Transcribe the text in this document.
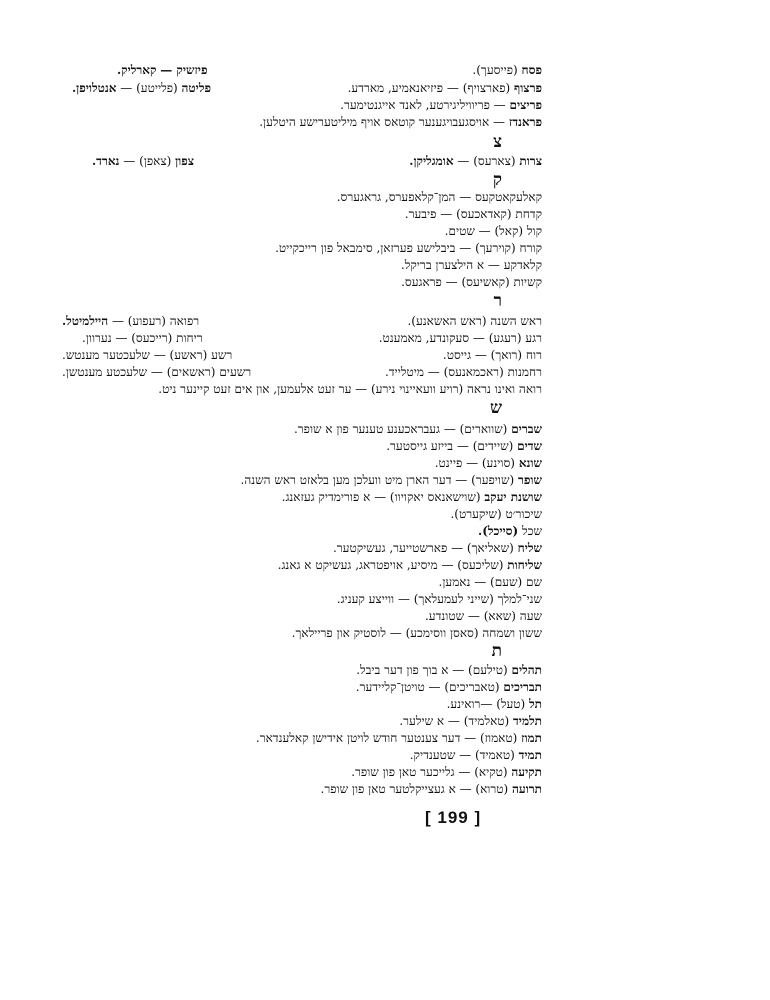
פסח (פייסעך).
פיזשיק — קארליק.
פרצוף (פארצויף) — פיזיאנאמיע, מארדע.
פליטה (פלייטע) — אנטלויפן.
פריצים — פריוויליגירטע, לאנד אייגנטימער.
פראנדז — אויסגעבויגענער קוטאס אויף מיליטערישע היטלען.
צ
צרות (צארעס) — אומגליקן.
צפון (צאפן) — נארד.
ק
קאלעקאטקעס — המן־קלאפערס, גראגערס.
קדחת (קאדאכעס) — פיבער.
קול (קאל) — שטים.
קורח (קוירעך) — ביבלישע פערזאן, סימבאל פון רייכקייט.
קלאדקע — א הילצערן בריקל.
קשיות (קאשיעס) — פראגעס.
ר
ראש השנה (ראש האשאנע).
רפואה (רעפוע) — היילמיטל.
רגע (רעגע) — סעקונדע, מאמענט.
ריחות (רייכעס) — נערוון.
רוח (רואך) — גייסט.
רשע (ראשע) — שלעכטער מענטש.
רחמנות (ראכמאנעס) — מיטלייד.
רשעים (ראשאים) — שלעכטע מענטשן.
רואה ואינו נראה (רויע וועאיינוי נירע) — ער זעט אלעמען, און אים זעט קיינער ניט.
ש
שברים (שווארים) — געבראכענע טענער פון א שופר.
שדים (שיידים) — בייזע גייסטער.
שונא (סוינע) — פיינט.
שופר (שויפער) — דער הארן מיט וועלכן מען בלאזט ראש השנה.
שושנת יעקב (שוישאנאס יאקויוו) — א פורימדיק געזאנג.
שיכור׳ט (שיקערט).
שכל (סייכל).
שליח (שאליאך) — פארשטייער, געשיקטער.
שליחות (שליכעס) — מיסיע, אויפטראג, געשיקט א גאנג.
שם (שעם) — נאמען.
שני־למלך (שייני לעמעלאך) — ווייצע קעניג.
שעה (שאא) — שטונדע.
ששון ושמחה (סאסן ווסימכע) — לוסטיק און פריילאך.
ת
תהלים (טילעם) — א בוך פון דער ביבל.
תבריכים (טאבריכים) — טויטן־קליידער.
תל (טעל) —רואינע.
תלמיד (טאלמיד) — א שילער.
תמוז (טאמוז) — דער צענטער חודש לויטן אידישן קאלענדאר.
תמיד (טאמיד) — שטענדיק.
תקיעה (טקיא) — גלייכער טאן פון שופר.
תרועה (טרוא) — א געצייקלטער טאן פון שופר.
[ 199 ]
